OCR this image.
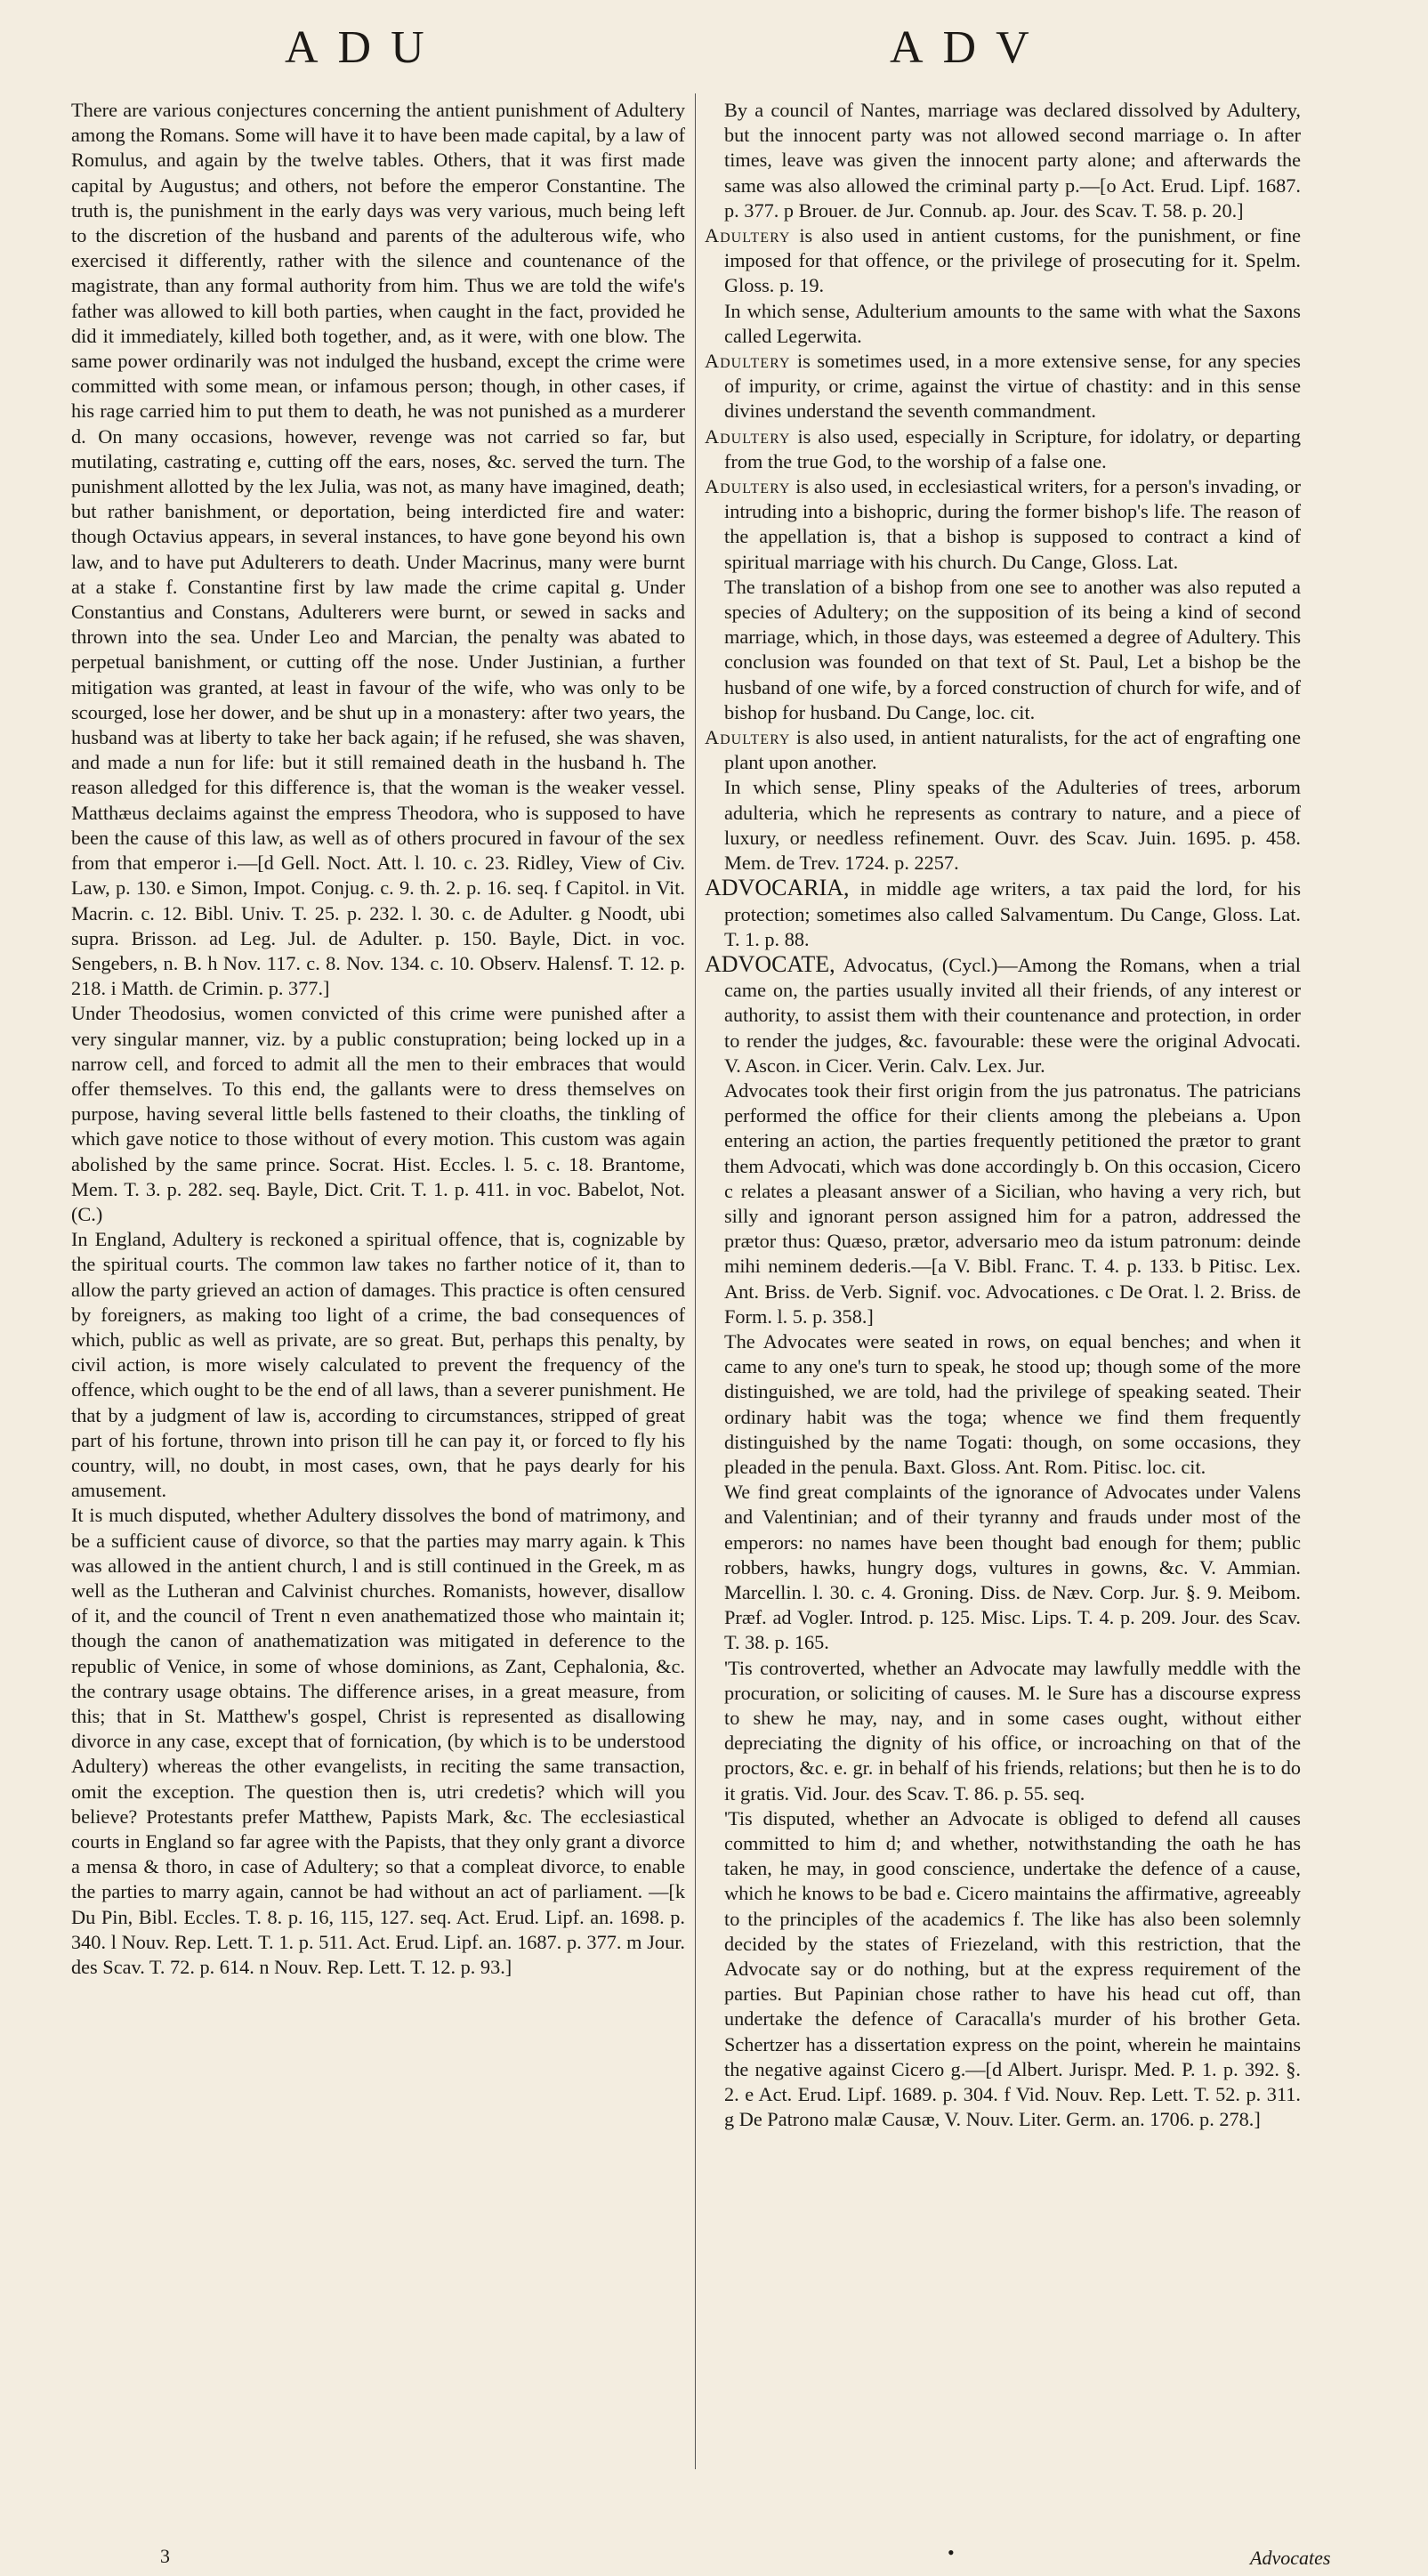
ADU	ADV

There are various conjectures concerning the antient punishment of Adultery among the Romans. Some will have it to have been made capital, by a law of Romulus, and again by the twelve tables. Others, that it was first made capital by Augustus; and others, not before the emperor Constantine. The truth is, the punishment in the early days was very various, much being left to the discretion of the husband and parents of the adulterous wife, who exercised it differently, rather with the silence and countenance of the magistrate, than any formal authority from him. Thus we are told the wife's father was allowed to kill both parties, when caught in the fact, provided he did it immediately, killed both together, and, as it were, with one blow. The same power ordinarily was not indulged the husband, except the crime were committed with some mean, or infamous person; though, in other cases, if his rage carried him to put them to death, he was not punished as a murderer d. On many occasions, however, revenge was not carried so far, but mutilating, castrating e, cutting off the ears, noses, &c. served the turn. The punishment allotted by the lex Julia, was not, as many have imagined, death; but rather banishment, or deportation, being interdicted fire and water: though Octavius appears, in several instances, to have gone beyond his own law, and to have put Adulterers to death. Under Macrinus, many were burnt at a stake f. Constantine first by law made the crime capital g. Under Constantius and Constans, Adulterers were burnt, or sewed in sacks and thrown into the sea. Under Leo and Marcian, the penalty was abated to perpetual banishment, or cutting off the nose. Under Justinian, a further mitigation was granted, at least in favour of the wife, who was only to be scourged, lose her dower, and be shut up in a monastery: after two years, the husband was at liberty to take her back again; if he refused, she was shaven, and made a nun for life: but it still remained death in the husband h. The reason alledged for this difference is, that the woman is the weaker vessel. Matthæus declaims against the empress Theodora, who is supposed to have been the cause of this law, as well as of others procured in favour of the sex from that emperor i.—[d Gell. Noct. Att. l. 10. c. 23. Ridley, View of Civ. Law, p. 130. e Simon, Impot. Conjug. c. 9. th. 2. p. 16. seq. f Capitol. in Vit. Macrin. c. 12. Bibl. Univ. T. 25. p. 232. l. 30. c. de Adulter. g Noodt, ubi supra. Brisson. ad Leg. Jul. de Adulter. p. 150. Bayle, Dict. in voc. Sengebers, n. B. h Nov. 117. c. 8. Nov. 134. c. 10. Observ. Halensf. T. 12. p. 218. i Matth. de Crimin. p. 377.]

Under Theodosius, women convicted of this crime were punished after a very singular manner, viz. by a public constupration; being locked up in a narrow cell, and forced to admit all the men to their embraces that would offer themselves. To this end, the gallants were to dress themselves on purpose, having several little bells fastened to their cloaths, the tinkling of which gave notice to those without of every motion. This custom was again abolished by the same prince. Socrat. Hist. Eccles. l. 5. c. 18. Brantome, Mem. T. 3. p. 282. seq. Bayle, Dict. Crit. T. 1. p. 411. in voc. Babelot, Not. (C.)

In England, Adultery is reckoned a spiritual offence, that is, cognizable by the spiritual courts. The common law takes no farther notice of it, than to allow the party grieved an action of damages. This practice is often censured by foreigners, as making too light of a crime, the bad consequences of which, public as well as private, are so great. But, perhaps this penalty, by civil action, is more wisely calculated to prevent the frequency of the offence, which ought to be the end of all laws, than a severer punishment. He that by a judgment of law is, according to circumstances, stripped of great part of his fortune, thrown into prison till he can pay it, or forced to fly his country, will, no doubt, in most cases, own, that he pays dearly for his amusement.

It is much disputed, whether Adultery dissolves the bond of matrimony, and be a sufficient cause of divorce, so that the parties may marry again. k This was allowed in the antient church, l and is still continued in the Greek, m as well as the Lutheran and Calvinist churches. Romanists, however, disallow of it, and the council of Trent n even anathematized those who maintain it; though the canon of anathematization was mitigated in deference to the republic of Venice, in some of whose dominions, as Zant, Cephalonia, &c. the contrary usage obtains. The difference arises, in a great measure, from this; that in St. Matthew's gospel, Christ is represented as disallowing divorce in any case, except that of fornication, (by which is to be understood Adultery) whereas the other evangelists, in reciting the same transaction, omit the exception. The question then is, utri credetis? which will you believe? Protestants prefer Matthew, Papists Mark, &c. The ecclesiastical courts in England so far agree with the Papists, that they only grant a divorce a mensa & thoro, in case of Adultery; so that a compleat divorce, to enable the parties to marry again, cannot be had without an act of parliament. —[k Du Pin, Bibl. Eccles. T. 8. p. 16, 115, 127. seq. Act. Erud. Lipf. an. 1698. p. 340. l Nouv. Rep. Lett. T. 1. p. 511. Act. Erud. Lipf. an. 1687. p. 377. m Jour. des Scav. T. 72. p. 614. n Nouv. Rep. Lett. T. 12. p. 93.]

By a council of Nantes, marriage was declared dissolved by Adultery, but the innocent party was not allowed second marriage o. In after times, leave was given the innocent party alone; and afterwards the same was also allowed the criminal party p.—[o Act. Erud. Lipf. 1687. p. 377. p Brouer. de Jur. Connub. ap. Jour. des Scav. T. 58. p. 20.]

Adultery is also used in antient customs, for the punishment, or fine imposed for that offence, or the privilege of prosecuting for it. Spelm. Gloss. p. 19.

In which sense, Adulterium amounts to the same with what the Saxons called Legerwita.

Adultery is sometimes used, in a more extensive sense, for any species of impurity, or crime, against the virtue of chastity: and in this sense divines understand the seventh commandment.

Adultery is also used, especially in Scripture, for idolatry, or departing from the true God, to the worship of a false one.

Adultery is also used, in ecclesiastical writers, for a person's invading, or intruding into a bishopric, during the former bishop's life. The reason of the appellation is, that a bishop is supposed to contract a kind of spiritual marriage with his church. Du Cange, Gloss. Lat.

The translation of a bishop from one see to another was also reputed a species of Adultery; on the supposition of its being a kind of second marriage, which, in those days, was esteemed a degree of Adultery. This conclusion was founded on that text of St. Paul, Let a bishop be the husband of one wife, by a forced construction of church for wife, and of bishop for husband. Du Cange, loc. cit.

Adultery is also used, in antient naturalists, for the act of engrafting one plant upon another.

In which sense, Pliny speaks of the Adulteries of trees, arborum adulteria, which he represents as contrary to nature, and a piece of luxury, or needless refinement. Ouvr. des Scav. Juin. 1695. p. 458. Mem. de Trev. 1724. p. 2257.

ADVOCARIA, in middle age writers, a tax paid the lord, for his protection; sometimes also called Salvamentum. Du Cange, Gloss. Lat. T. 1. p. 88.

ADVOCATE, Advocatus, (Cycl.)—Among the Romans, when a trial came on, the parties usually invited all their friends, of any interest or authority, to assist them with their countenance and protection, in order to render the judges, &c. favourable: these were the original Advocati. V. Ascon. in Cicer. Verin. Calv. Lex. Jur.

Advocates took their first origin from the jus patronatus. The patricians performed the office for their clients among the plebeians a. Upon entering an action, the parties frequently petitioned the prætor to grant them Advocati, which was done accordingly b. On this occasion, Cicero c relates a pleasant answer of a Sicilian, who having a very rich, but silly and ignorant person assigned him for a patron, addressed the prætor thus: Quæso, prætor, adversario meo da istum patronum: deinde mihi neminem dederis.—[a V. Bibl. Franc. T. 4. p. 133. b Pitisc. Lex. Ant. Briss. de Verb. Signif. voc. Advocationes. c De Orat. l. 2. Briss. de Form. l. 5. p. 358.]

The Advocates were seated in rows, on equal benches; and when it came to any one's turn to speak, he stood up; though some of the more distinguished, we are told, had the privilege of speaking seated. Their ordinary habit was the toga; whence we find them frequently distinguished by the name Togati: though, on some occasions, they pleaded in the penula. Baxt. Gloss. Ant. Rom. Pitisc. loc. cit.

We find great complaints of the ignorance of Advocates under Valens and Valentinian; and of their tyranny and frauds under most of the emperors: no names have been thought bad enough for them; public robbers, hawks, hungry dogs, vultures in gowns, &c. V. Ammian. Marcellin. l. 30. c. 4. Groning. Diss. de Næv. Corp. Jur. §. 9. Meibom. Præf. ad Vogler. Introd. p. 125. Misc. Lips. T. 4. p. 209. Jour. des Scav. T. 38. p. 165.

'Tis controverted, whether an Advocate may lawfully meddle with the procuration, or soliciting of causes. M. le Sure has a discourse express to shew he may, nay, and in some cases ought, without either depreciating the dignity of his office, or incroaching on that of the proctors, &c. e. gr. in behalf of his friends, relations; but then he is to do it gratis. Vid. Jour. des Scav. T. 86. p. 55. seq.

'Tis disputed, whether an Advocate is obliged to defend all causes committed to him d; and whether, notwithstanding the oath he has taken, he may, in good conscience, undertake the defence of a cause, which he knows to be bad e. Cicero maintains the affirmative, agreeably to the principles of the academics f. The like has also been solemnly decided by the states of Friezeland, with this restriction, that the Advocate say or do nothing, but at the express requirement of the parties. But Papinian chose rather to have his head cut off, than undertake the defence of Caracalla's murder of his brother Geta. Schertzer has a dissertation express on the point, wherein he maintains the negative against Cicero g.—[d Albert. Jurispr. Med. P. 1. p. 392. §. 2. e Act. Erud. Lipf. 1689. p. 304. f Vid. Nouv. Rep. Lett. T. 52. p. 311. g De Patrono malæ Causæ, V. Nouv. Liter. Germ. an. 1706. p. 278.]

3	•	Advocates
